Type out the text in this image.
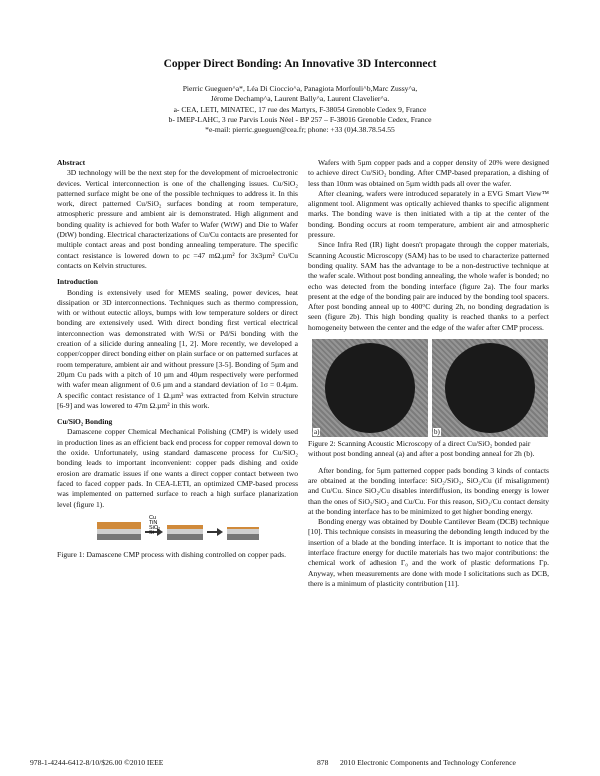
Copper Direct Bonding: An Innovative 3D Interconnect
Pierric Gueguen^a*, Léa Di Cioccio^a, Panagiota Morfouli^b,Marc Zussy^a,
Jérome Dechamp^a, Laurent Bally^a, Laurent Clavelier^a.
a- CEA, LETI, MINATEC, 17 rue des Martyrs, F-38054 Grenoble Cedex 9, France
b- IMEP-LAHC, 3 rue Parvis Louis Néel - BP 257 – F-38016 Grenoble Cedex, France
*e-mail: pierric.gueguen@cea.fr; phone: +33 (0)4.38.78.54.55

Abstract

3D technology will be the next step for the development of microelectronic devices. Vertical interconnection is one of the challenging issues. Cu/SiO₂ patterned surface might be one of the possible techniques to address it. In this work, direct patterned Cu/SiO₂ surfaces bonding at room temperature, atmospheric pressure and ambient air is demonstrated. High alignment and bonding quality is achieved for both Wafer to Wafer (WtW) and Die to Wafer (DtW) bonding. Electrical characterizations of Cu/Cu contacts are presented for multiple contact areas and post bonding annealing temperature. The specific contact resistance is lowered down to ρc =47 mΩ.µm² for 3x3µm² Cu/Cu contacts on Kelvin structures.

Introduction

Bonding is extensively used for MEMS sealing, power devices, heat dissipation or 3D interconnections. Techniques such as thermo compression, with or without eutectic alloys, bumps with low temperature solders or direct bonding are extensively used. With direct bonding first vertical electrical interconnection was demonstrated with W/Si or Pd/Si bonding with the creation of a silicide during annealing [1, 2]. More recently, we developed a copper/copper direct bonding either on plain surface or on patterned surfaces at room temperature, ambient air and without pressure [3-5]. Bonding of 5µm and 20µm Cu pads with a pitch of 10 µm and 40µm respectively were performed with wafer mean alignment of 0.6 µm and a standard deviation of 1σ = 0.4µm. A specific contact resistance of 1 Ω.µm² was extracted from Kelvin structure [6-9] and was lowered to 47m Ω.µm² in this work.

Cu/SiO₂ Bonding

Damascene copper Chemical Mechanical Polishing (CMP) is widely used in production lines as an efficient back end process for copper removal down to the oxide. Unfortunately, using standard damascene process for Cu/SiO₂ bonding leads to important inconvenient: copper pads dishing and oxide erosion are dramatic issues if one wants a direct copper contact between two faced to faced copper pads. In CEA-LETI, an optimized CMP-based process was implemented on patterned surface to reach a high surface planarization level (figure 1).

Cu
TiN
SiO₂
Si

Figure 1: Damascene CMP process with dishing controlled on copper pads.

Wafers with 5µm copper pads and a copper density of 20% were designed to achieve direct Cu/SiO₂ bonding. After CMP-based preparation, a dishing of less than 10nm was obtained on 5µm width pads all over the wafer.

After cleaning, wafers were introduced separately in a EVG Smart View™ alignment tool. Alignment was optically achieved thanks to specific alignment marks. The bonding wave is then initiated with a tip at the center of the bonding. Bonding occurs at room temperature, ambient air and atmospheric pressure.

Since Infra Red (IR) light doesn't propagate through the copper materials, Scanning Acoustic Microscopy (SAM) has to be used to characterize patterned bonding quality. SAM has the advantage to be a non-destructive technique at the wafer scale. Without post bonding annealing, the whole wafer is bonded; no echo was detected from the bonding interface (figure 2a). The four marks present at the edge of the bonding pair are induced by the bonding tool spacers. After post bonding anneal up to 400°C during 2h, no bonding degradation is seen (figure 2b). This high bonding quality is reached thanks to a perfect homogeneity between the center and the edge of the wafer after CMP process.

a)	b)

Figure 2: Scanning Acoustic Microscopy of a direct Cu/SiO₂ bonded pair without post bonding anneal (a) and after a post bonding anneal for 2h (b).

After bonding, for 5µm patterned copper pads bonding 3 kinds of contacts are obtained at the bonding interface: SiO₂/SiO₂, SiO₂/Cu (if misalignment) and Cu/Cu. Since SiO₂/Cu disables interdiffusion, its bonding energy is lower than the ones of SiO₂/SiO₂ and Cu/Cu. For this reason, SiO₂/Cu contact density at the bonding interface has to be minimized to get higher bonding energy.

Bonding energy was obtained by Double Cantilever Beam (DCB) technique [10]. This technique consists in measuring the debonding length induced by the insertion of a blade at the bonding interface. It is important to notice that the interface fracture energy for ductile materials has two major contributions: the chemical work of adhesion Γ₀ and the work of plastic deformations Γp. Anyway, when measurements are done with mode I solicitations such as DCB, there is a minimum of plasticity contribution [11].

978-1-4244-6412-8/10/$26.00 ©2010 IEEE	878 2010 Electronic Components and Technology Conference
